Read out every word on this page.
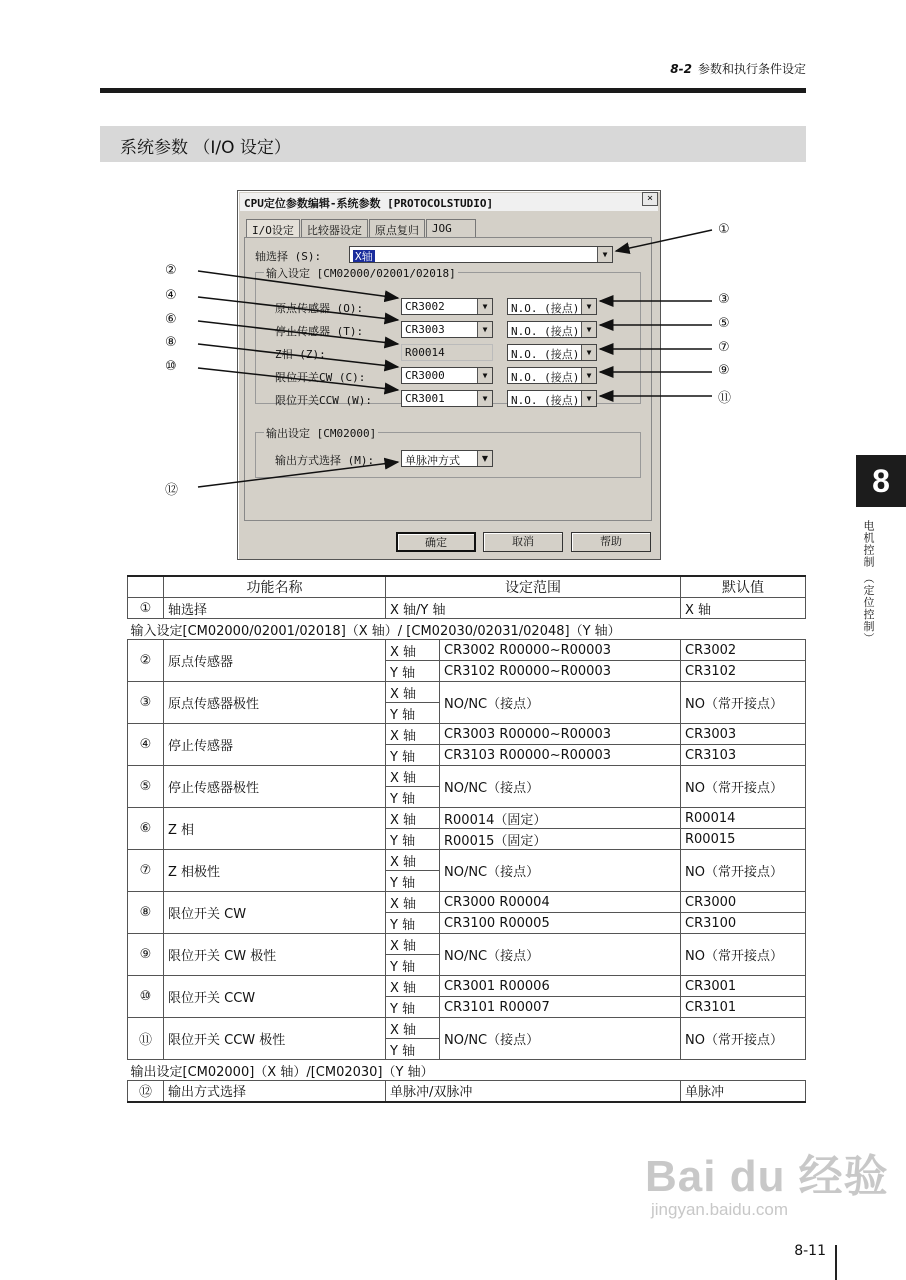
8-2 参数和执行条件设定
系统参数 （I/O 设定）
8
电机控制 （定位控制）
CPU定位参数编辑-系统参数 [PROTOCOLSTUDIO]	×
I/O设定	比较器设定	原点复归	JOG
轴选择 (S):	X轴	▼
输入设定 [CM02000/02001/02018]
原点传感器 (O):	CR3002	▼	N.O. (接点) ▼
停止传感器 (T):	CR3003	▼	N.O. (接点) ▼
Z相 (Z):	R00014	N.O. (接点) ▼
限位开关CW (C):	CR3000	▼	N.O. (接点) ▼
限位开关CCW (W):	CR3001	▼	N.O. (接点) ▼
输出设定 [CM02000]
输出方式选择 (M):	单脉冲方式	▼
确定	取消	帮助
①
②
③
④
⑤
⑥
⑦
⑧
⑨
⑩
⑪
⑫
	功能名称	设定范围		默认值
①	轴选择	X 轴/Y 轴		X 轴
输入设定[CM02000/02001/02018]（X 轴）/ [CM02030/02031/02048]（Y 轴）				
②	原点传感器	X 轴	CR3002 R00000~R00003	CR3002
		Y 轴	CR3102 R00000~R00003	CR3102
③	原点传感器极性	X 轴	NO/NC（接点）	NO（常开接点）
		Y 轴		
④	停止传感器	X 轴	CR3003 R00000~R00003	CR3003
		Y 轴	CR3103 R00000~R00003	CR3103
⑤	停止传感器极性	X 轴	NO/NC（接点）	NO（常开接点）
		Y 轴		
⑥	Z 相	X 轴	R00014（固定）	R00014
		Y 轴	R00015（固定）	R00015
⑦	Z 相极性	X 轴	NO/NC（接点）	NO（常开接点）
		Y 轴		
⑧	限位开关 CW	X 轴	CR3000 R00004	CR3000
		Y 轴	CR3100 R00005	CR3100
⑨	限位开关 CW 极性	X 轴	NO/NC（接点）	NO（常开接点）
		Y 轴		
⑩	限位开关 CCW	X 轴	CR3001 R00006	CR3001
		Y 轴	CR3101 R00007	CR3101
⑪	限位开关 CCW 极性	X 轴	NO/NC（接点）	NO（常开接点）
		Y 轴		
输出设定[CM02000]（X 轴）/[CM02030]（Y 轴）				
⑫	输出方式选择	单脉冲/双脉冲		单脉冲
Bai du 经验
jingyan.baidu.com
8-11
